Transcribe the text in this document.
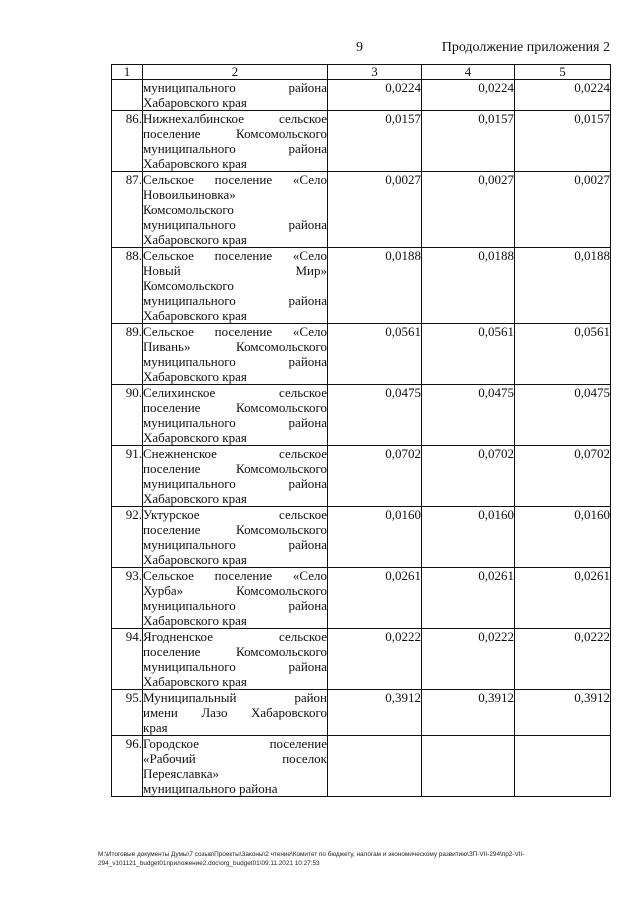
9	Продолжение приложения 2
1	2	3	4	5

	муниципального района
Хабаровского края	0,0224	0,0224	0,0224
86.	Нижнехалбинское сельское
поселение Комсомольского
муниципального района
Хабаровского края	0,0157	0,0157	0,0157
87.	Сельское поселение «Село
Новоильиновка»
Комсомольского
муниципального района
Хабаровского края	0,0027	0,0027	0,0027
88.	Сельское поселение «Село
Новый Мир»
Комсомольского
муниципального района
Хабаровского края	0,0188	0,0188	0,0188
89.	Сельское поселение «Село
Пивань» Комсомольского
муниципального района
Хабаровского края	0,0561	0,0561	0,0561
90.	Селихинское сельское
поселение Комсомольского
муниципального района
Хабаровского края	0,0475	0,0475	0,0475
91.	Снежненское сельское
поселение Комсомольского
муниципального района
Хабаровского края	0,0702	0,0702	0,0702
92.	Уктурское сельское
поселение Комсомольского
муниципального района
Хабаровского края	0,0160	0,0160	0,0160
93.	Сельское поселение «Село
Хурба» Комсомольского
муниципального района
Хабаровского края	0,0261	0,0261	0,0261
94.	Ягодненское сельское
поселение Комсомольского
муниципального района
Хабаровского края	0,0222	0,0222	0,0222
95.	Муниципальный район
имени Лазо Хабаровского
края	0,3912	0,3912	0,3912
96.	Городское поселение
«Рабочий поселок
Переяславка»
муниципального района			

М:\Итоговые документы Думы\7 созыв\Проекты\Законы\2 чтение\Комитет по бюджету, налогам и экономическому развитию\ЗП-VII-294\пр2-VII-
294_v101121_budget01приложение2.doc\org_budget01\09.11.2021 10:27:53
